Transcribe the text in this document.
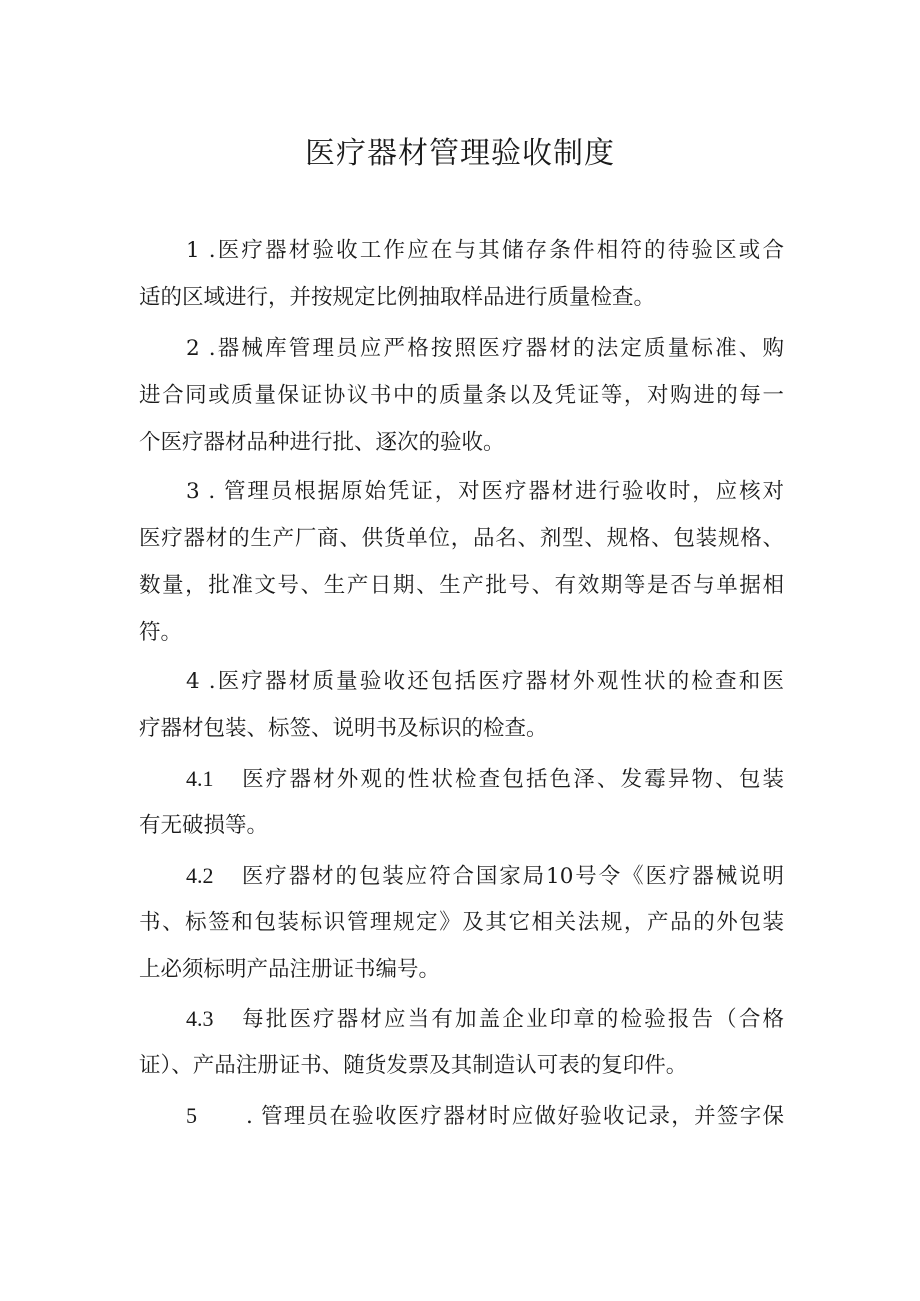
医疗器材管理验收制度
1 .医疗器材验收工作应在与其储存条件相符的待验区或合
适的区域进行，并按规定比例抽取样品进行质量检查。
2 .器械库管理员应严格按照医疗器材的法定质量标准、购
进合同或质量保证协议书中的质量条以及凭证等，对购进的每一
个医疗器材品种进行批、逐次的验收。
3 . 管理员根据原始凭证，对医疗器材进行验收时，应核对
医疗器材的生产厂商、供货单位，品名、剂型、规格、包装规格、
数量，批准文号、生产日期、生产批号、有效期等是否与单据相
符。
4 .医疗器材质量验收还包括医疗器材外观性状的检查和医
疗器材包装、标签、说明书及标识的检查。
4.1 医疗器材外观的性状检查包括色泽、发霉异物、包装
有无破损等。
4.2 医疗器材的包装应符合国家局10号令《医疗器械说明
书、标签和包装标识管理规定》及其它相关法规，产品的外包装
上必须标明产品注册证书编号。
4.3 每批医疗器材应当有加盖企业印章的检验报告（合格
证）、产品注册证书、随货发票及其制造认可表的复印件。
5 . 管理员在验收医疗器材时应做好验收记录，并签字保
